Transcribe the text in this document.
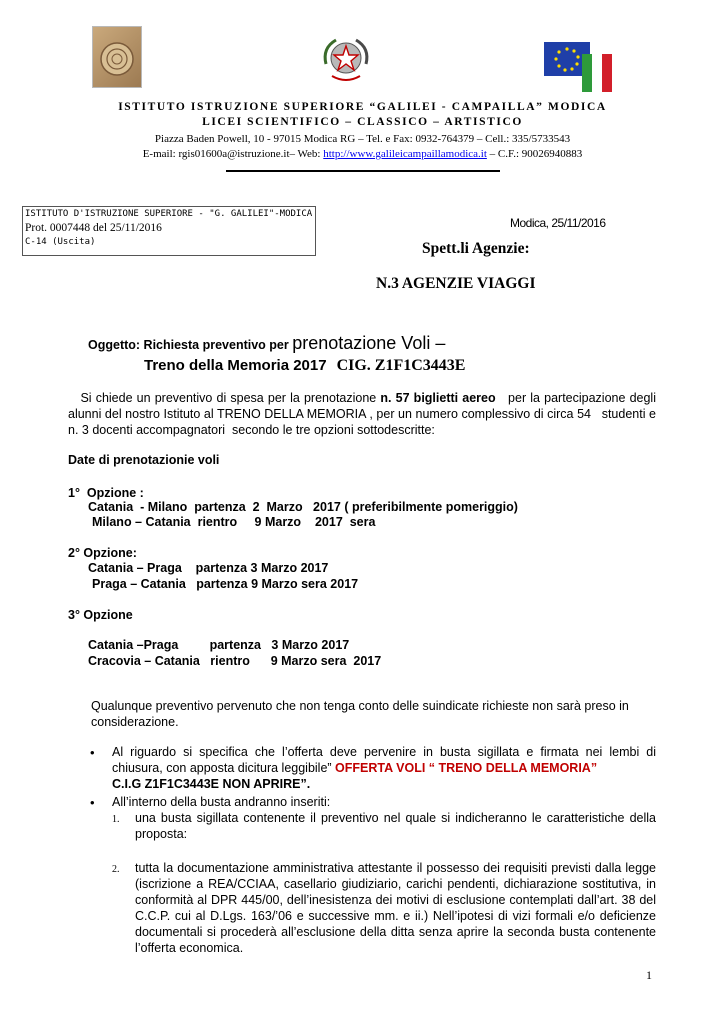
ISTITUTO ISTRUZIONE SUPERIORE “GALILEI - CAMPAILLA” MODICA
LICEI SCIENTIFICO – CLASSICO – ARTISTICO
Piazza Baden Powell, 10 - 97015 Modica RG – Tel. e Fax: 0932-764379 – Cell.: 335/5733543
E-mail: rgis01600a@istruzione.it– Web: http://www.galileicampaillamodica.it – C.F.: 90026940883
ISTITUTO D'ISTRUZIONE SUPERIORE - "G. GALILEI"-MODICA
Prot. 0007448 del 25/11/2016
C-14 (Uscita)
Modica, 25/11/2016
Spett.li Agenzie:
N.3 AGENZIE VIAGGI
Oggetto: Richiesta preventivo per prenotazione Voli –
Treno della Memoria 2017 CIG. Z1F1C3443E
Si chiede un preventivo di spesa per la prenotazione n. 57 biglietti aereo   per la partecipazione degli alunni del nostro Istituto al TRENO DELLA MEMORIA , per un numero complessivo di circa 54   studenti e n. 3 docenti accompagnatori  secondo le tre opzioni sottodescritte:
Date di prenotazionie voli
1°  Opzione :
Catania  - Milano  partenza  2  Marzo   2017 ( preferibilmente pomeriggio)
Milano – Catania  rientro     9 Marzo    2017  sera
2° Opzione:
Catania – Praga    partenza 3 Marzo 2017
Praga – Catania   partenza 9 Marzo sera 2017
3° Opzione
Catania –Praga         partenza   3 Marzo 2017
Cracovia – Catania   rientro      9 Marzo sera  2017
Qualunque preventivo pervenuto che non tenga conto delle suindicate richieste non sarà preso in considerazione.
• Al riguardo si specifica che l’offerta deve pervenire in busta sigillata e firmata nei lembi di chiusura, con apposta dicitura leggibile” OFFERTA VOLI “ TRENO DELLA MEMORIA”
C.I.G Z1F1C3443E NON APRIRE”.
• All’interno della busta andranno inseriti:
1. una busta sigillata contenente il preventivo nel quale si indicheranno le caratteristiche della proposta:
2. tutta la documentazione amministrativa attestante il possesso dei requisiti previsti dalla legge (iscrizione a REA/CCIAA, casellario giudiziario, carichi pendenti, dichiarazione sostitutiva, in conformità al DPR 445/00, dell’inesistenza dei motivi di esclusione contemplati dall’art. 38 del C.C.P. cui al D.Lgs. 163/’06 e successive mm. e ii.) Nell’ipotesi di vizi formali e/o deficienze documentali si procederà all’esclusione della ditta senza aprire la seconda busta contenente l’offerta economica.
1
